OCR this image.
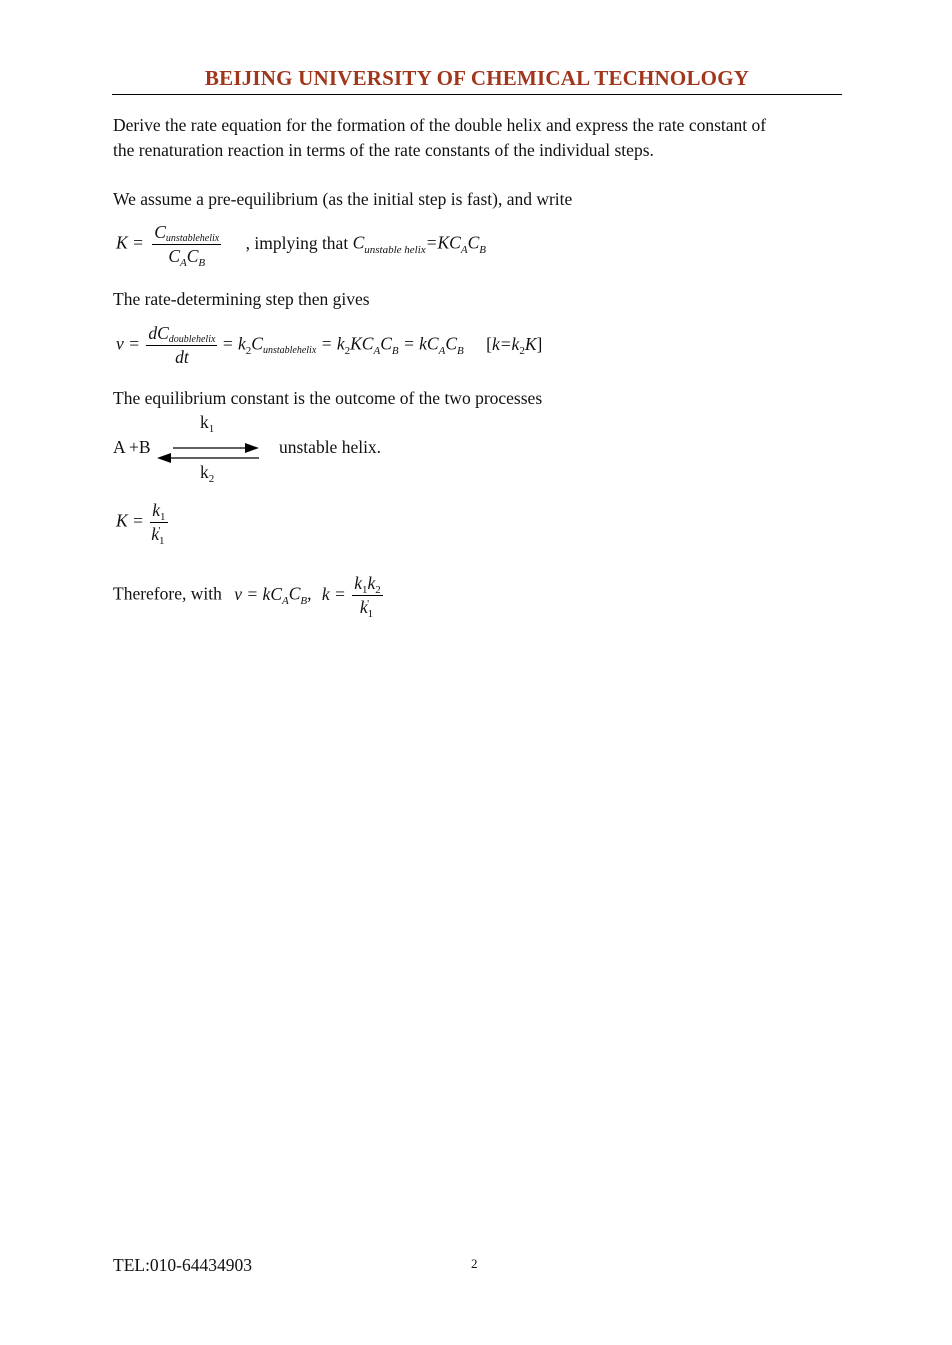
BEIJING UNIVERSITY OF CHEMICAL TECHNOLOGY
Derive the rate equation for the formation of the double helix and express the rate constant of
the renaturation reaction in terms of the rate constants of the individual steps.
We assume a pre-equilibrium (as the initial step is fast), and write
$K = \frac{\text{Cunstablehelix}}{C_AC_B}$ , implying that $C_{unstable helix}=KC_AC_B$
The rate-determining step then gives
$v = \frac{\text{dCdoublehelix}}{dt}$ = $k_2Cunstablehelix = k_2KC_AC_B = kC_AC_B$ $[k=k_2K]$
The equilibrium constant is the outcome of the two processes
$k_1$
A +B	unstable helix.
$k_2$
$K = \frac{k_1}{k_1'}$
Therefore, with $v = kC_AC_B$, $k = \frac{k_1k_2}{k_1'}$
TEL:010-64434903	2
